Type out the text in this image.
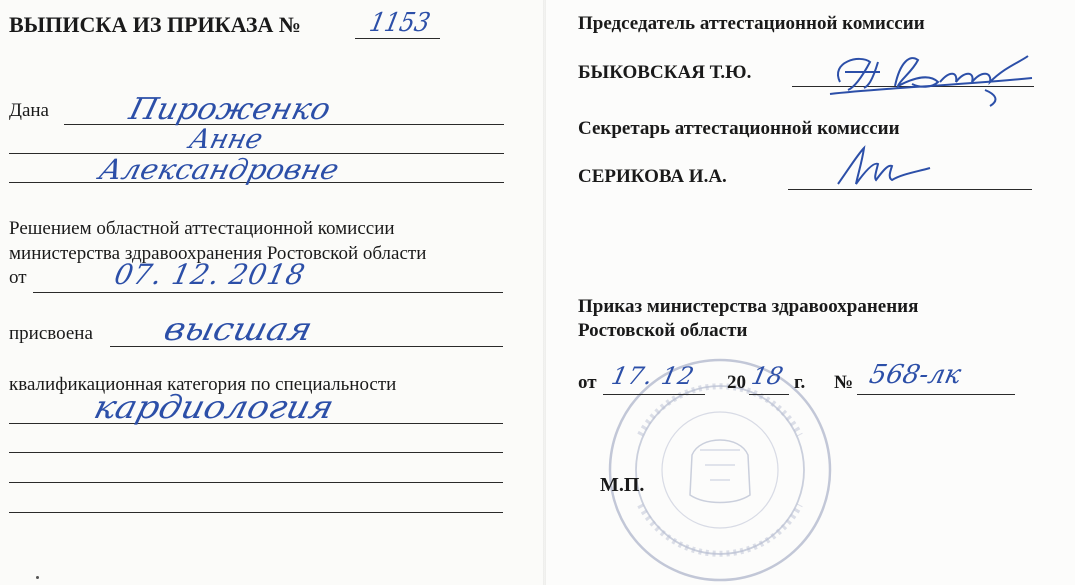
ВЫПИСКА ИЗ ПРИКАЗА №	1153
Дана	Пироженко
Анне
Александровне
Решением областной аттестационной комиссии
министерства здравоохранения Ростовской области
от	07. 12. 2018
присвоена высшая
квалификационная категория по специальности
кардиология
Председатель аттестационной комиссии
БЫКОВСКАЯ Т.Ю.
Секретарь аттестационной комиссии
СЕРИКОВА И.А.
Приказ министерства здравоохранения
Ростовской области
от 17. 12 20 18 г. № 568-лк
М.П.
